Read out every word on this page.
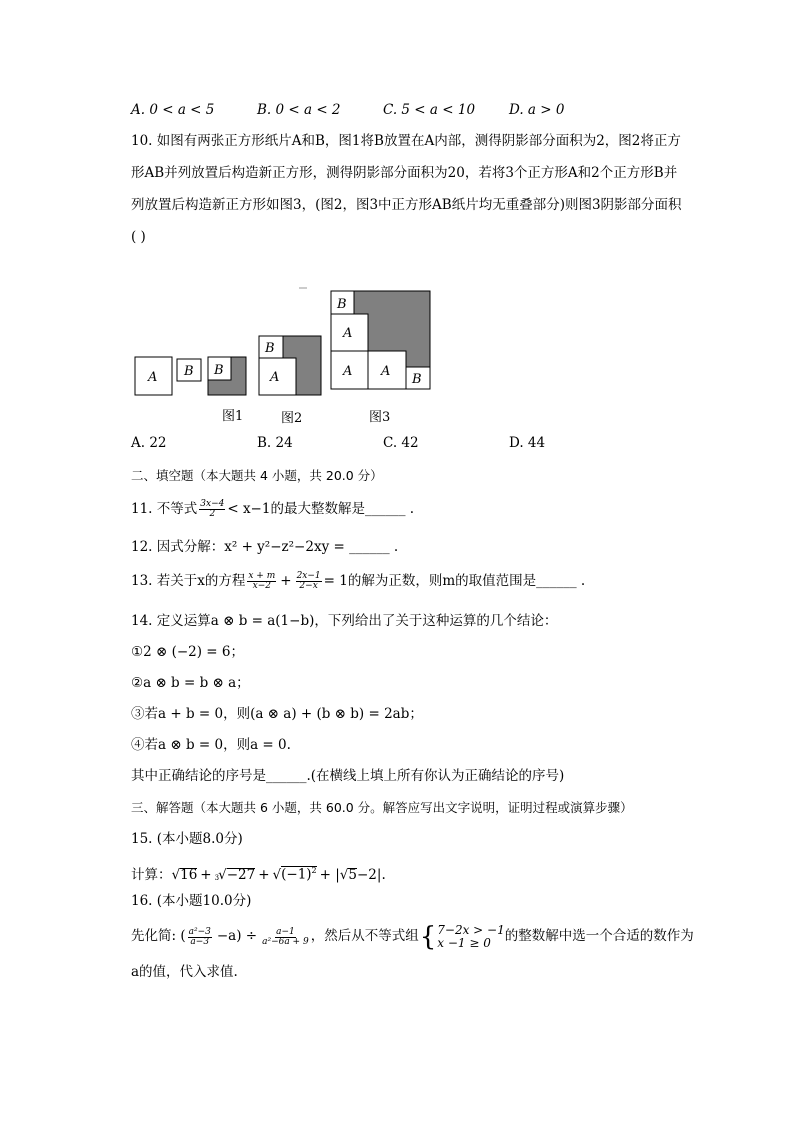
A. 0 < a < 5	B. 0 < a < 2	C. 5 < a < 10	D. a > 0
10. 如图有两张正方形纸片A和B，图1将B放置在A内部，测得阴影部分面积为2，图2将正方
形AB并列放置后构造新正方形，测得阴影部分面积为20，若将3个正方形A和2个正方形B并
列放置后构造新正方形如图3，(图2，图3中正方形AB纸片均无重叠部分)则图3阴影部分面积
( )
A B B
B
A
B
A
A A
B
图1	图2	图3
A. 22	B. 24	C. 42	D. 44
二、填空题（本大题共 4 小题，共 20.0 分）
11. 不等式 $\frac{3x-4}{2} < x-1$的最大整数解是______ .
12. 因式分解：x² + y²−z²−2xy = ______ .
13. 若关于x的方程 $\frac{x + m}{x-2} + \frac{2x-1}{2-x} = 1$的解为正数，则m的取值范围是______ .
14. 定义运算a ⊗ b = a(1−b)，下列给出了关于这种运算的几个结论：
①2 ⊗ (−2) = 6；
②a ⊗ b = b ⊗ a；
③若a + b = 0，则(a ⊗ a) + (b ⊗ b) = 2ab；
④若a ⊗ b = 0，则a = 0.
其中正确结论的序号是______.(在横线上填上所有你认为正确结论的序号)
三、解答题（本大题共 6 小题，共 60.0 分。解答应写出文字说明，证明过程或演算步骤）
15. (本小题8.0分)
计算： √ 16 + $_3$ √ −27 + √ $(-1)^2$ + | √ 5 −2|.
16. (本小题10.0分)
先化简: ( $\frac{\text{a²−3}}{a-3} -a) \div \frac{a-1}{\text{a²−6a + 9}}$ ，然后从不等式组 { 7−2x > −1
x −1 ≥ 0	的整数解中选一个合适的数作为
a的值，代入求值.
